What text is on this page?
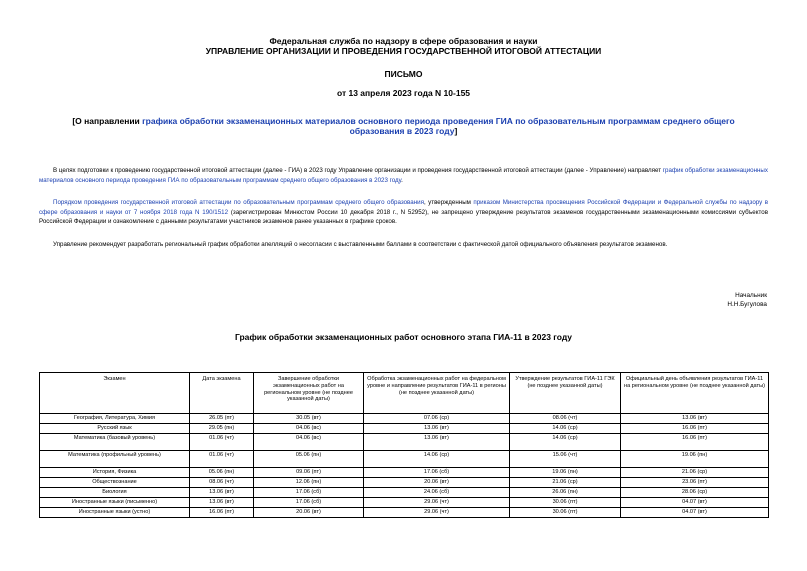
Федеральная служба по надзору в сфере образования и науки
УПРАВЛЕНИЕ ОРГАНИЗАЦИИ И ПРОВЕДЕНИЯ ГОСУДАРСТВЕННОЙ ИТОГОВОЙ АТТЕСТАЦИИ
ПИСЬМО
от 13 апреля 2023 года N 10-155
[О направлении графика обработки экзаменационных материалов основного периода проведения ГИА по образовательным программам среднего общего
образования в 2023 году]
В целях подготовки к проведению государственной итоговой аттестации (далее - ГИА) в 2023 году Управление организации и проведения государственной итоговой аттестации (далее - Управление) направляет график обработки экзаменационных материалов основного периода проведения ГИА по образовательным программам среднего общего образования в 2023 году.
Порядком проведения государственной итоговой аттестации по образовательным программам среднего общего образования, утвержденным приказом Министерства просвещения Российской Федерации и Федеральной службы по надзору в сфере образования и науки от 7 ноября 2018 года N 190/1512 (зарегистрирован Минюстом России 10 декабря 2018 г., N 52952), не запрещено утверждение результатов экзаменов государственными экзаменационными комиссиями субъектов Российской Федерации и ознакомление с данными результатами участников экзаменов ранее указанных в графике сроков.
Управление рекомендует разработать региональный график обработки апелляций о несогласии с выставленными баллами в соответствии с фактической датой официального объявления результатов экзаменов.
Начальник
Н.Н.Бугулова
График обработки экзаменационных работ основного этапа ГИА-11 в 2023 году
Экзамен	Дата экзамена	Завершение обработки экзаменационных работ на региональном уровне (не позднее указанной даты)	Обработка экзаменационных работ на федеральном уровне и направление результатов ГИА-11 в регионы (не позднее указанной даты)	Утверждение результатов ГИА-11 ГЭК (не позднее указанной даты)	Официальный день объявления результатов ГИА-11 на региональном уровне (не позднее указанной даты)
География, Литература, Химия	26.05 (пт)	30.05 (вт)	07.06 (ср)	08.06 (чт)	13.06 (вт)
Русский язык	29.05 (пн)	04.06 (вс)	13.06 (вт)	14.06 (ср)	16.06 (пт)
Математика (базовый уровень)	01.06 (чт)	04.06 (вс)	13.06 (вт)	14.06 (ср)	16.06 (пт)
Математика (профильный уровень)	01.06 (чт)	05.06 (пн)	14.06 (ср)	15.06 (чт)	19.06 (пн)
История, Физика	05.06 (пн)	09.06 (пт)	17.06 (сб)	19.06 (пн)	21.06 (ср)
Обществознание	08.06 (чт)	12.06 (пн)	20.06 (вт)	21.06 (ср)	23.06 (пт)
Биология	13.06 (вт)	17.06 (сб)	24.06 (сб)	26.06 (пн)	28.06 (ср)
Иностранные языки (письменно)	13.06 (вт)	17.06 (сб)	29.06 (чт)	30.06 (пт)	04.07 (вт)
Иностранные языки (устно)	16.06 (пт)	20.06 (вт)	29.06 (чт)	30.06 (пт)	04.07 (вт)
